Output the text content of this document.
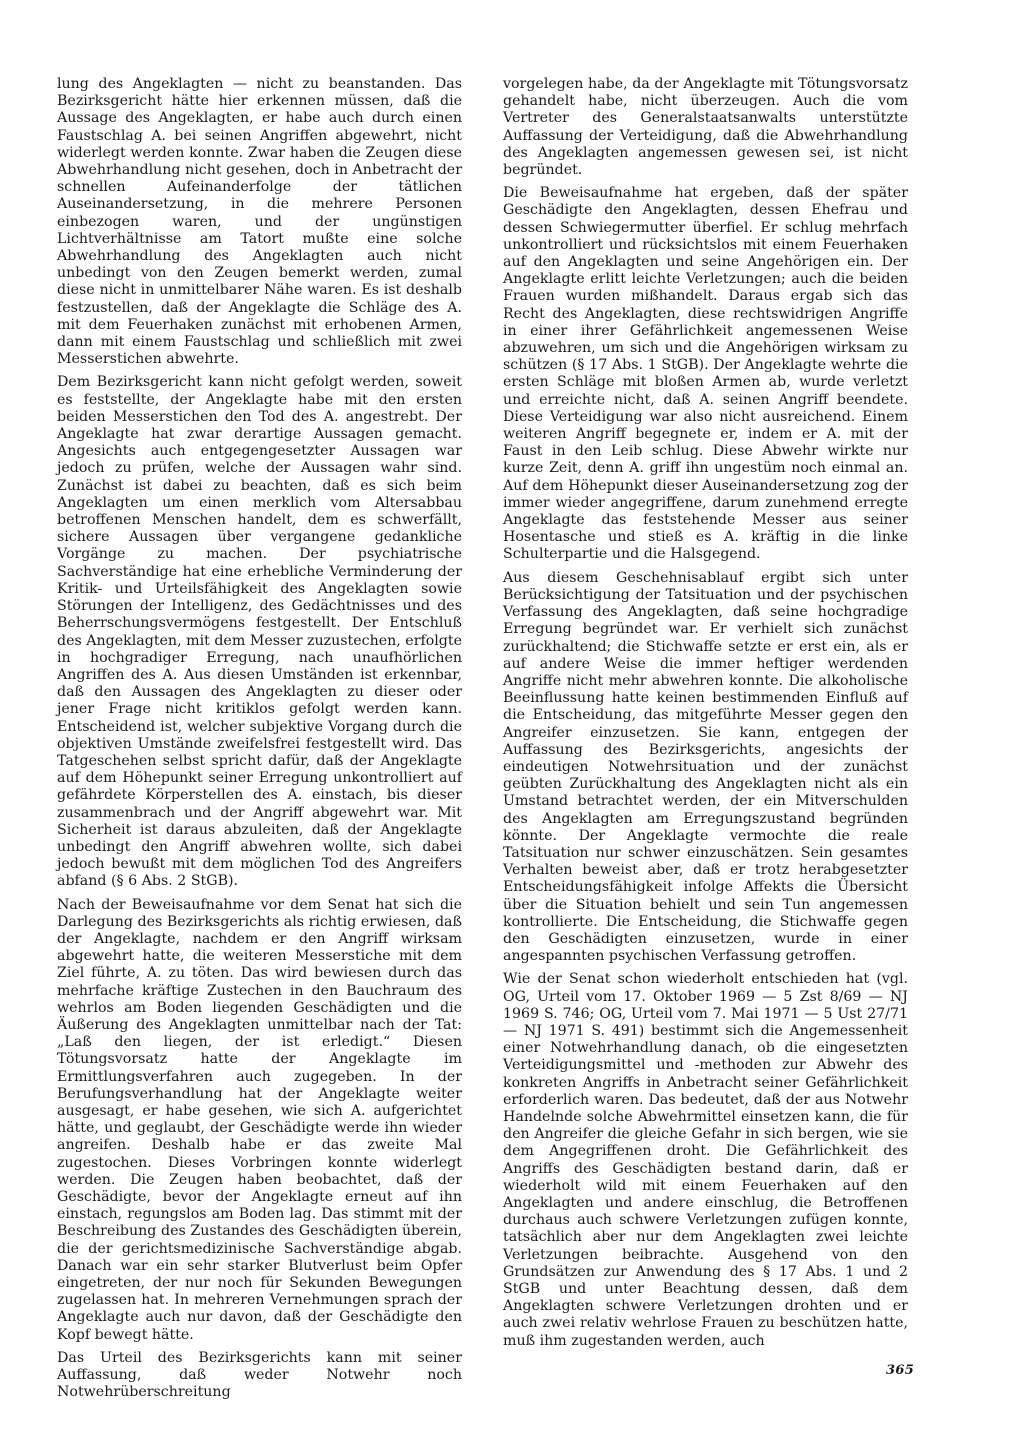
lung des Angeklagten — nicht zu beanstanden. Das Bezirksgericht hätte hier erkennen müssen, daß die Aussage des Angeklagten, er habe auch durch einen Faustschlag A. bei seinen Angriffen abgewehrt, nicht widerlegt werden konnte. Zwar haben die Zeugen diese Abwehrhandlung nicht gesehen, doch in Anbetracht der schnellen Aufeinanderfolge der tätlichen Auseinandersetzung, in die mehrere Personen einbezogen waren, und der ungünstigen Lichtverhältnisse am Tatort mußte eine solche Abwehrhandlung des Angeklagten auch nicht unbedingt von den Zeugen bemerkt werden, zumal diese nicht in unmittelbarer Nähe waren. Es ist deshalb festzustellen, daß der Angeklagte die Schläge des A. mit dem Feuerhaken zunächst mit erhobenen Armen, dann mit einem Faustschlag und schließlich mit zwei Messerstichen abwehrte.

Dem Bezirksgericht kann nicht gefolgt werden, soweit es feststellte, der Angeklagte habe mit den ersten beiden Messerstichen den Tod des A. angestrebt. Der Angeklagte hat zwar derartige Aussagen gemacht. Angesichts auch entgegengesetzter Aussagen war jedoch zu prüfen, welche der Aussagen wahr sind. Zunächst ist dabei zu beachten, daß es sich beim Angeklagten um einen merklich vom Altersabbau betroffenen Menschen handelt, dem es schwerfällt, sichere Aussagen über vergangene gedankliche Vorgänge zu machen. Der psychiatrische Sachverständige hat eine erhebliche Verminderung der Kritik- und Urteilsfähigkeit des Angeklagten sowie Störungen der Intelligenz, des Gedächtnisses und des Beherrschungsvermögens festgestellt. Der Entschluß des Angeklagten, mit dem Messer zuzustechen, erfolgte in hochgradiger Erregung, nach unaufhörlichen Angriffen des A. Aus diesen Umständen ist erkennbar, daß den Aussagen des Angeklagten zu dieser oder jener Frage nicht kritiklos gefolgt werden kann. Entscheidend ist, welcher subjektive Vorgang durch die objektiven Umstände zweifelsfrei festgestellt wird. Das Tatgeschehen selbst spricht dafür, daß der Angeklagte auf dem Höhepunkt seiner Erregung unkontrolliert auf gefährdete Körperstellen des A. einstach, bis dieser zusammenbrach und der Angriff abgewehrt war. Mit Sicherheit ist daraus abzuleiten, daß der Angeklagte unbedingt den Angriff abwehren wollte, sich dabei jedoch bewußt mit dem möglichen Tod des Angreifers abfand (§ 6 Abs. 2 StGB).

Nach der Beweisaufnahme vor dem Senat hat sich die Darlegung des Bezirksgerichts als richtig erwiesen, daß der Angeklagte, nachdem er den Angriff wirksam abgewehrt hatte, die weiteren Messerstiche mit dem Ziel führte, A. zu töten. Das wird bewiesen durch das mehrfache kräftige Zustechen in den Bauchraum des wehrlos am Boden liegenden Geschädigten und die Äußerung des Angeklagten unmittelbar nach der Tat: „Laß den liegen, der ist erledigt.“ Diesen Tötungsvorsatz hatte der Angeklagte im Ermittlungsverfahren auch zugegeben. In der Berufungsverhandlung hat der Angeklagte weiter ausgesagt, er habe gesehen, wie sich A. aufgerichtet hätte, und geglaubt, der Geschädigte werde ihn wieder angreifen. Deshalb habe er das zweite Mal zugestochen. Dieses Vorbringen konnte widerlegt werden. Die Zeugen haben beobachtet, daß der Geschädigte, bevor der Angeklagte erneut auf ihn einstach, regungslos am Boden lag. Das stimmt mit der Beschreibung des Zustandes des Geschädigten überein, die der gerichtsmedizinische Sachverständige abgab. Danach war ein sehr starker Blutverlust beim Opfer eingetreten, der nur noch für Sekunden Bewegungen zugelassen hat. In mehreren Vernehmungen sprach der Angeklagte auch nur davon, daß der Geschädigte den Kopf bewegt hätte.

Das Urteil des Bezirksgerichts kann mit seiner Auffassung, daß weder Notwehr noch Notwehrüberschreitung

vorgelegen habe, da der Angeklagte mit Tötungsvorsatz gehandelt habe, nicht überzeugen. Auch die vom Vertreter des Generalstaatsanwalts unterstützte Auffassung der Verteidigung, daß die Abwehrhandlung des Angeklagten angemessen gewesen sei, ist nicht begründet.

Die Beweisaufnahme hat ergeben, daß der später Geschädigte den Angeklagten, dessen Ehefrau und dessen Schwiegermutter überfiel. Er schlug mehrfach unkontrolliert und rücksichtslos mit einem Feuerhaken auf den Angeklagten und seine Angehörigen ein. Der Angeklagte erlitt leichte Verletzungen; auch die beiden Frauen wurden mißhandelt. Daraus ergab sich das Recht des Angeklagten, diese rechtswidrigen Angriffe in einer ihrer Gefährlichkeit angemessenen Weise abzuwehren, um sich und die Angehörigen wirksam zu schützen (§ 17 Abs. 1 StGB). Der Angeklagte wehrte die ersten Schläge mit bloßen Armen ab, wurde verletzt und erreichte nicht, daß A. seinen Angriff beendete. Diese Verteidigung war also nicht ausreichend. Einem weiteren Angriff begegnete er, indem er A. mit der Faust in den Leib schlug. Diese Abwehr wirkte nur kurze Zeit, denn A. griff ihn ungestüm noch einmal an. Auf dem Höhepunkt dieser Auseinandersetzung zog der immer wieder angegriffene, darum zunehmend erregte Angeklagte das feststehende Messer aus seiner Hosentasche und stieß es A. kräftig in die linke Schulterpartie und die Halsgegend.

Aus diesem Geschehnisablauf ergibt sich unter Berücksichtigung der Tatsituation und der psychischen Verfassung des Angeklagten, daß seine hochgradige Erregung begründet war. Er verhielt sich zunächst zurückhaltend; die Stichwaffe setzte er erst ein, als er auf andere Weise die immer heftiger werdenden Angriffe nicht mehr abwehren konnte. Die alkoholische Beeinflussung hatte keinen bestimmenden Einfluß auf die Entscheidung, das mitgeführte Messer gegen den Angreifer einzusetzen. Sie kann, entgegen der Auffassung des Bezirksgerichts, angesichts der eindeutigen Notwehrsituation und der zunächst geübten Zurückhaltung des Angeklagten nicht als ein Umstand betrachtet werden, der ein Mitverschulden des Angeklagten am Erregungszustand begründen könnte. Der Angeklagte vermochte die reale Tatsituation nur schwer einzuschätzen. Sein gesamtes Verhalten beweist aber, daß er trotz herabgesetzter Entscheidungsfähigkeit infolge Affekts die Übersicht über die Situation behielt und sein Tun angemessen kontrollierte. Die Entscheidung, die Stichwaffe gegen den Geschädigten einzusetzen, wurde in einer angespannten psychischen Verfassung getroffen.

Wie der Senat schon wiederholt entschieden hat (vgl. OG, Urteil vom 17. Oktober 1969 — 5 Zst 8/69 — NJ 1969 S. 746; OG, Urteil vom 7. Mai 1971 — 5 Ust 27/71 — NJ 1971 S. 491) bestimmt sich die Angemessenheit einer Notwehrhandlung danach, ob die eingesetzten Verteidigungsmittel und -methoden zur Abwehr des konkreten Angriffs in Anbetracht seiner Gefährlichkeit erforderlich waren. Das bedeutet, daß der aus Notwehr Handelnde solche Abwehrmittel einsetzen kann, die für den Angreifer die gleiche Gefahr in sich bergen, wie sie dem Angegriffenen droht. Die Gefährlichkeit des Angriffs des Geschädigten bestand darin, daß er wiederholt wild mit einem Feuerhaken auf den Angeklagten und andere einschlug, die Betroffenen durchaus auch schwere Verletzungen zufügen konnte, tatsächlich aber nur dem Angeklagten zwei leichte Verletzungen beibrachte. Ausgehend von den Grundsätzen zur Anwendung des § 17 Abs. 1 und 2 StGB und unter Beachtung dessen, daß dem Angeklagten schwere Verletzungen drohten und er auch zwei relativ wehrlose Frauen zu beschützen hatte, muß ihm zugestanden werden, auch

365
